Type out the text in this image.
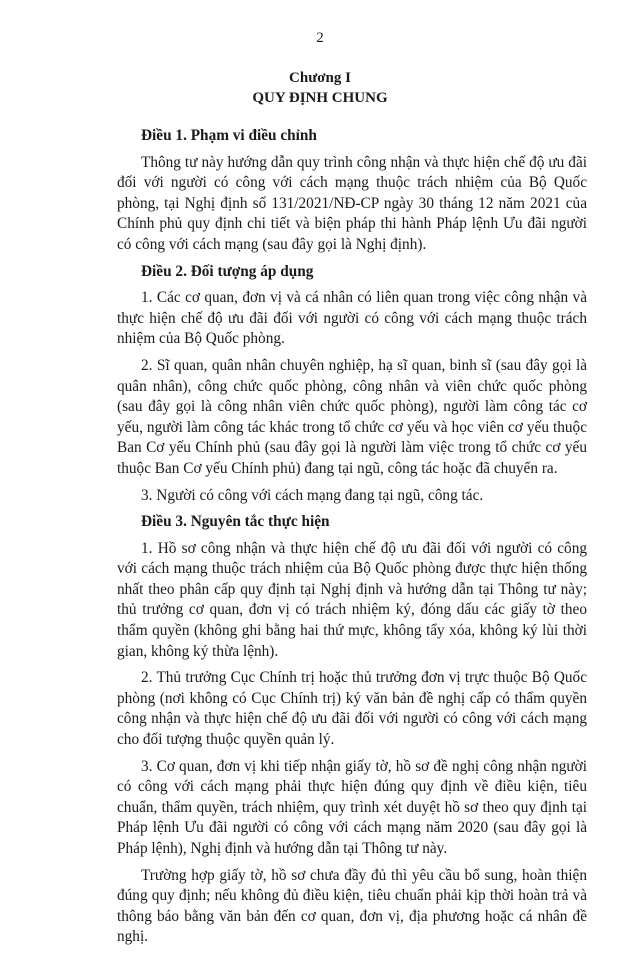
2
Chương I
QUY ĐỊNH CHUNG
Điều 1. Phạm vi điều chỉnh

Thông tư này hướng dẫn quy trình công nhận và thực hiện chế độ ưu đãi đối với người có công với cách mạng thuộc trách nhiệm của Bộ Quốc phòng, tại Nghị định số 131/2021/NĐ-CP ngày 30 tháng 12 năm 2021 của Chính phủ quy định chi tiết và biện pháp thi hành Pháp lệnh Ưu đãi người có công với cách mạng (sau đây gọi là Nghị định).

Điều 2. Đối tượng áp dụng

1. Các cơ quan, đơn vị và cá nhân có liên quan trong việc công nhận và thực hiện chế độ ưu đãi đối với người có công với cách mạng thuộc trách nhiệm của Bộ Quốc phòng.

2. Sĩ quan, quân nhân chuyên nghiệp, hạ sĩ quan, binh sĩ (sau đây gọi là quân nhân), công chức quốc phòng, công nhân và viên chức quốc phòng (sau đây gọi là công nhân viên chức quốc phòng), người làm công tác cơ yếu, người làm công tác khác trong tổ chức cơ yếu và học viên cơ yếu thuộc Ban Cơ yếu Chính phủ (sau đây gọi là người làm việc trong tổ chức cơ yếu thuộc Ban Cơ yếu Chính phủ) đang tại ngũ, công tác hoặc đã chuyển ra.

3. Người có công với cách mạng đang tại ngũ, công tác.

Điều 3. Nguyên tắc thực hiện

1. Hồ sơ công nhận và thực hiện chế độ ưu đãi đối với người có công với cách mạng thuộc trách nhiệm của Bộ Quốc phòng được thực hiện thống nhất theo phân cấp quy định tại Nghị định và hướng dẫn tại Thông tư này; thủ trưởng cơ quan, đơn vị có trách nhiệm ký, đóng dấu các giấy tờ theo thẩm quyền (không ghi bằng hai thứ mực, không tẩy xóa, không ký lùi thời gian, không ký thừa lệnh).

2. Thủ trưởng Cục Chính trị hoặc thủ trưởng đơn vị trực thuộc Bộ Quốc phòng (nơi không có Cục Chính trị) ký văn bản đề nghị cấp có thẩm quyền công nhận và thực hiện chế độ ưu đãi đối với người có công với cách mạng cho đối tượng thuộc quyền quản lý.

3. Cơ quan, đơn vị khi tiếp nhận giấy tờ, hồ sơ đề nghị công nhận người có công với cách mạng phải thực hiện đúng quy định về điều kiện, tiêu chuẩn, thẩm quyền, trách nhiệm, quy trình xét duyệt hồ sơ theo quy định tại Pháp lệnh Ưu đãi người có công với cách mạng năm 2020 (sau đây gọi là Pháp lệnh), Nghị định và hướng dẫn tại Thông tư này.

Trường hợp giấy tờ, hồ sơ chưa đầy đủ thì yêu cầu bổ sung, hoàn thiện đúng quy định; nếu không đủ điều kiện, tiêu chuẩn phải kịp thời hoàn trả và thông báo bằng văn bản đến cơ quan, đơn vị, địa phương hoặc cá nhân đề nghị.
